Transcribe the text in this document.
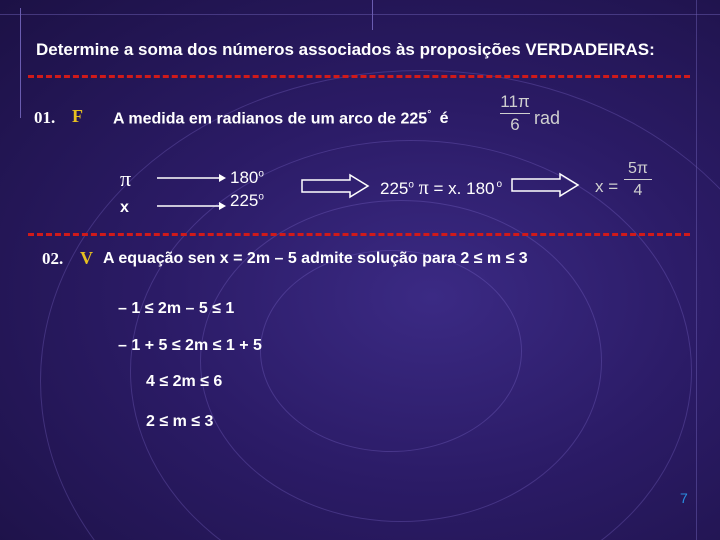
Determine a soma dos números associados às proposições VERDADEIRAS:
01. F A medida em radianos de um arco de 225° é
11π
6 rad
π
x
180$^o$
225$^o$	225$^o$ π = x. 180 $^o$	x =
5π
4
02. V A equação sen x = 2m – 5 admite solução para 2 ≤ m ≤ 3
– 1 ≤ 2m – 5 ≤ 1
– 1 + 5 ≤ 2m ≤ 1 + 5
4 ≤ 2m ≤ 6
2 ≤ m ≤ 3
7
